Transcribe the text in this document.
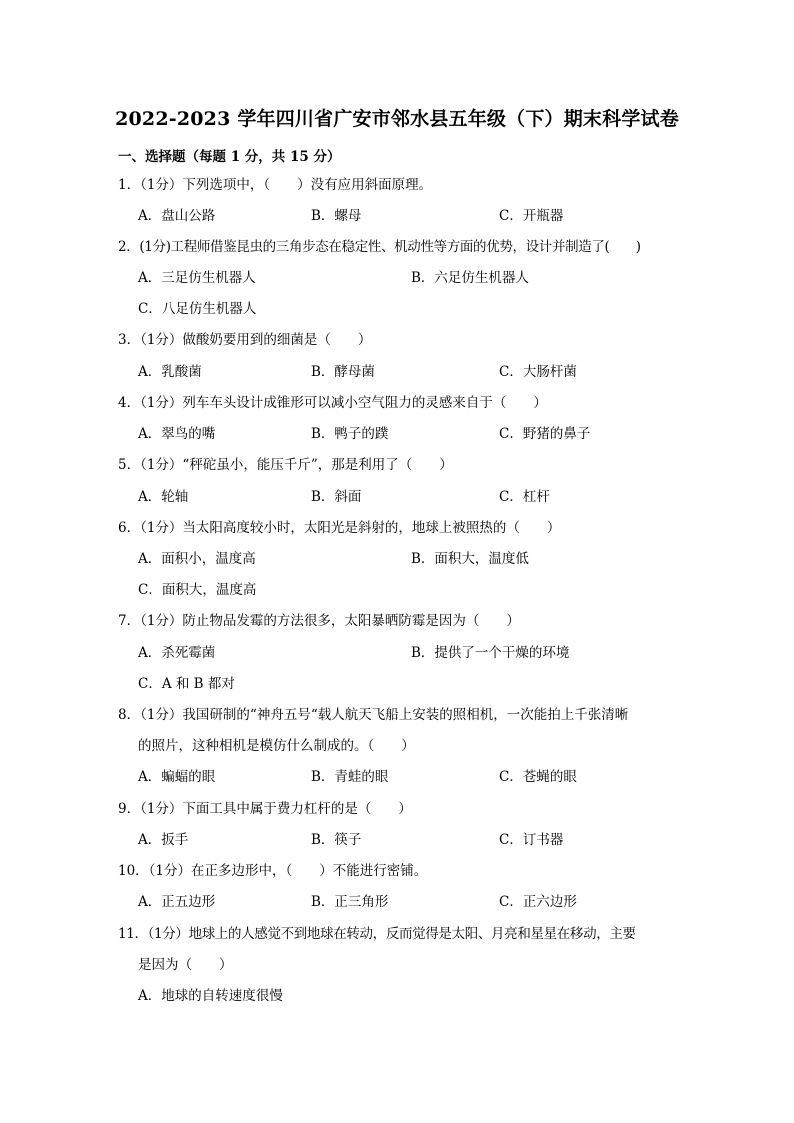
2022-2023 学年四川省广安市邻水县五年级（下）期末科学试卷
一、选择题（每题 1 分，共 15 分）
1．（1分）下列选项中，（　　）没有应用斜面原理。
A．盘山公路	B．螺母	C．开瓶器
2．(1分)工程师借鉴昆虫的三角步态在稳定性、机动性等方面的优势，设计并制造了(　　)
A．三足仿生机器人	B．六足仿生机器人
C．八足仿生机器人
3．（1分）做酸奶要用到的细菌是（　　）
A．乳酸菌	B．酵母菌	C．大肠杆菌
4．（1分）列车车头设计成锥形可以减小空气阻力的灵感来自于（　　）
A．翠鸟的嘴	B．鸭子的蹼	C．野猪的鼻子
5．（1分）“秤砣虽小，能压千斤”，那是利用了（　　）
A．轮轴	B．斜面	C．杠杆
6．（1分）当太阳高度较小时，太阳光是斜射的，地球上被照热的（　　）
A．面积小，温度高	B．面积大，温度低
C．面积大，温度高
7．（1分）防止物品发霉的方法很多，太阳暴晒防霉是因为（　　）
A．杀死霉菌	B．提供了一个干燥的环境
C．A 和 B 都对
8．（1分）我国研制的“神舟五号“载人航天飞船上安装的照相机，一次能拍上千张清晰
的照片，这种相机是模仿什么制成的。（　　）
A．蝙蝠的眼	B．青蛙的眼	C．苍蝇的眼
9．（1分）下面工具中属于费力杠杆的是（　　）
A．扳手	B．筷子	C．订书器
10．（1分）在正多边形中，（　　）不能进行密铺。
A．正五边形	B．正三角形	C．正六边形
11．（1分）地球上的人感觉不到地球在转动，反而觉得是太阳、月亮和星星在移动，主要
是因为（　　）
A．地球的自转速度很慢
